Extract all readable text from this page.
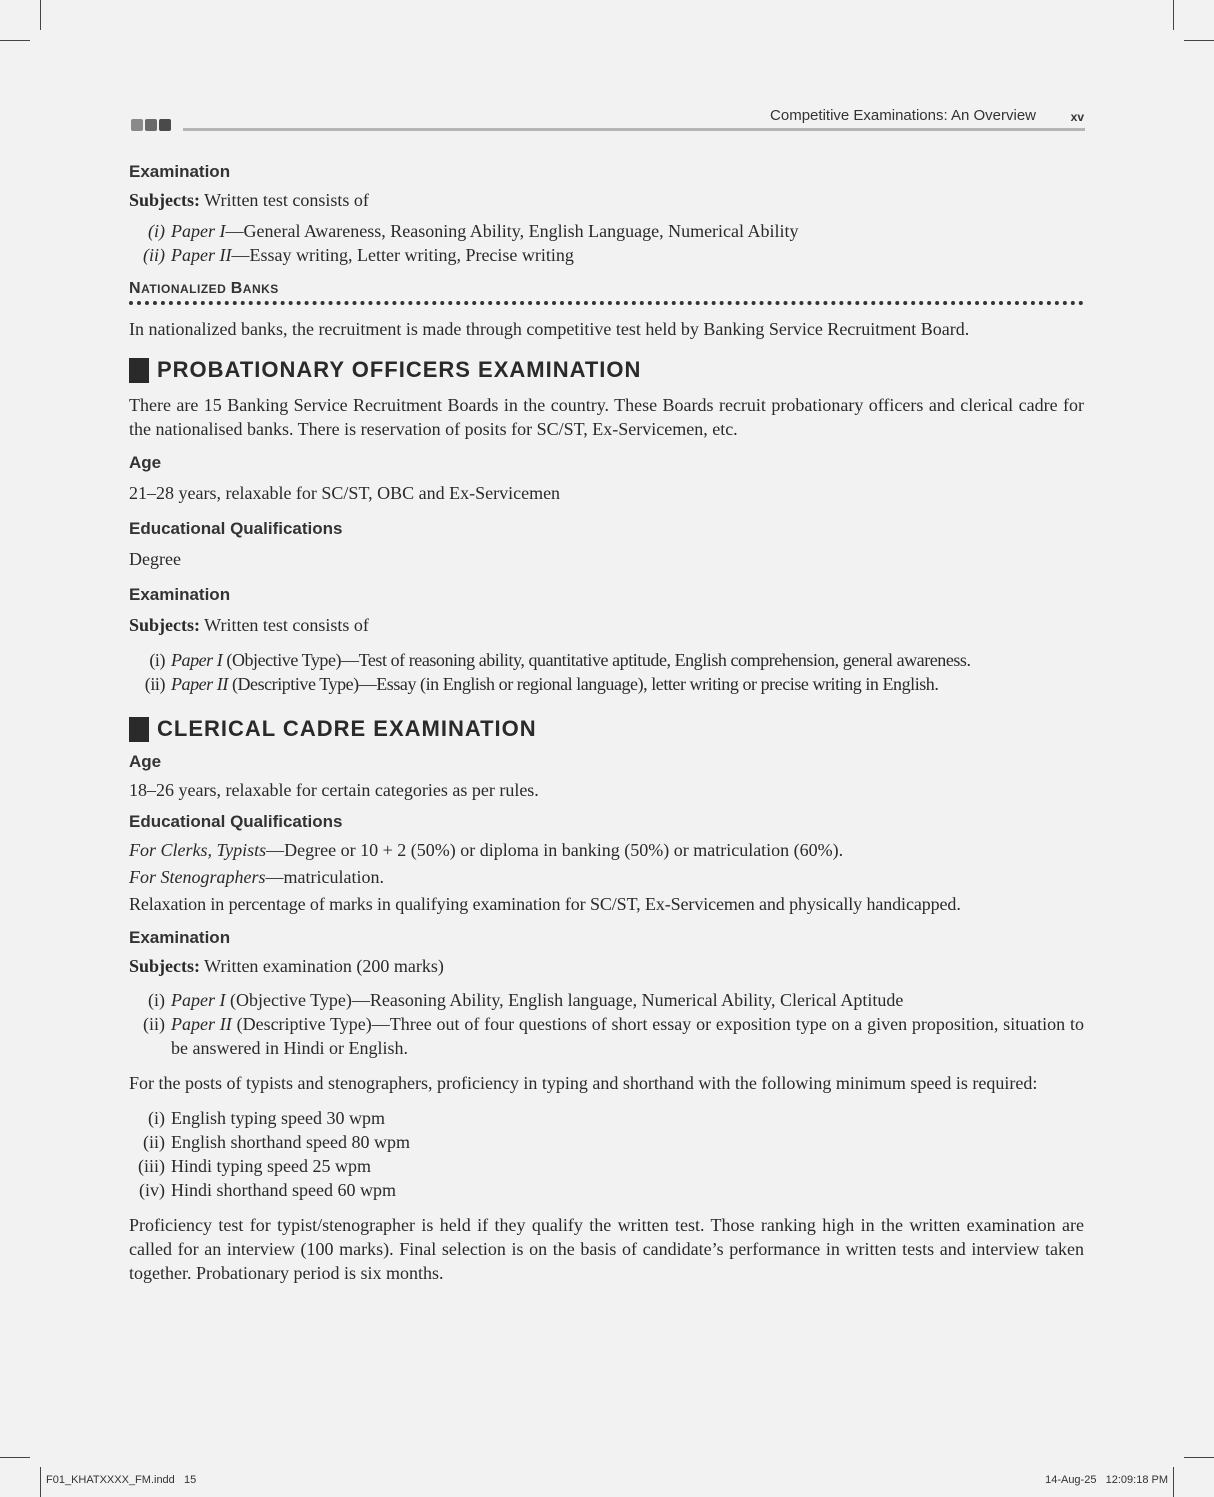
Competitive Examinations: An Overview	xv
Examination
Subjects: Written test consists of
(i) Paper I—General Awareness, Reasoning Ability, English Language, Numerical Ability
(ii) Paper II—Essay writing, Letter writing, Precise writing
NATIONALIZED BANKS
In nationalized banks, the recruitment is made through competitive test held by Banking Service Recruitment Board.
PROBATIONARY OFFICERS EXAMINATION
There are 15 Banking Service Recruitment Boards in the country. These Boards recruit probationary officers and clerical cadre for the nationalised banks. There is reservation of posits for SC/ST, Ex-Servicemen, etc.
Age
21–28 years, relaxable for SC/ST, OBC and Ex-Servicemen
Educational Qualifications
Degree
Examination
Subjects: Written test consists of
(i) Paper I (Objective Type)—Test of reasoning ability, quantitative aptitude, English comprehension, general awareness.
(ii) Paper II (Descriptive Type)—Essay (in English or regional language), letter writing or precise writing in English.
CLERICAL CADRE EXAMINATION
Age
18–26 years, relaxable for certain categories as per rules.
Educational Qualifications
For Clerks, Typists—Degree or 10 + 2 (50%) or diploma in banking (50%) or matriculation (60%).
For Stenographers—matriculation.
Relaxation in percentage of marks in qualifying examination for SC/ST, Ex-Servicemen and physically handicapped.
Examination
Subjects: Written examination (200 marks)
(i) Paper I (Objective Type)—Reasoning Ability, English language, Numerical Ability, Clerical Aptitude
(ii) Paper II (Descriptive Type)—Three out of four questions of short essay or exposition type on a given proposition, situation to be answered in Hindi or English.
For the posts of typists and stenographers, proficiency in typing and shorthand with the following minimum speed is required:
(i) English typing speed 30 wpm
(ii) English shorthand speed 80 wpm
(iii) Hindi typing speed 25 wpm
(iv) Hindi shorthand speed 60 wpm
Proficiency test for typist/stenographer is held if they qualify the written test. Those ranking high in the written examination are called for an interview (100 marks). Final selection is on the basis of candidate’s performance in written tests and interview taken together. Probationary period is six months.
F01_KHATXXXX_FM.indd   15	14-Aug-25   12:09:18 PM
